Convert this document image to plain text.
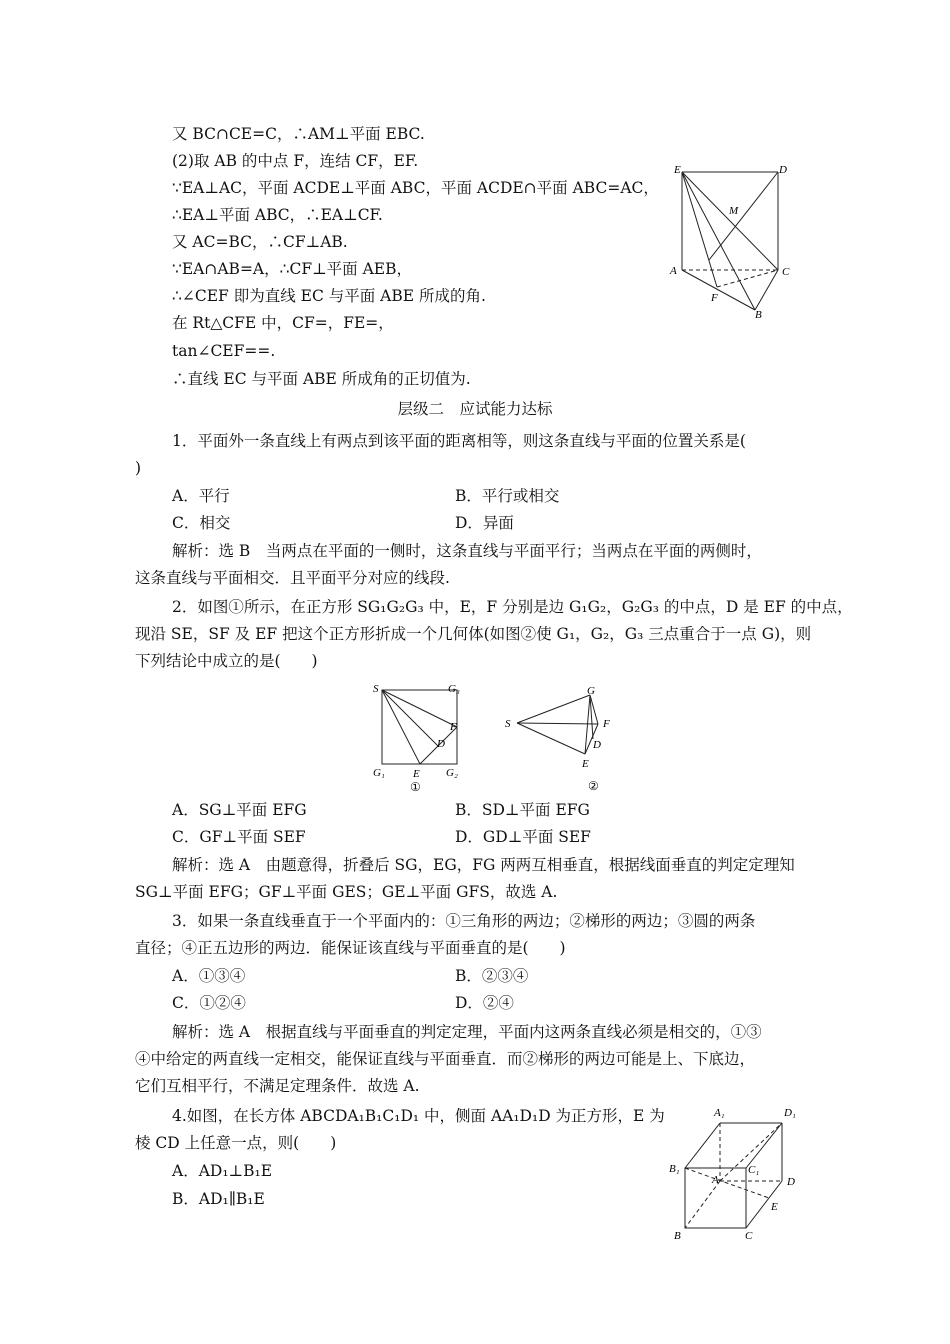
又 BC∩CE=C，∴AM⊥平面 EBC.
(2)取 AB 的中点 F，连结 CF，EF.
∵EA⊥AC，平面 ACDE⊥平面 ABC，平面 ACDE∩平面 ABC=AC，
∴EA⊥平面 ABC，∴EA⊥CF.
又 AC=BC，∴CF⊥AB.
∵EA∩AB=A，∴CF⊥平面 AEB，
∴∠CEF 即为直线 EC 与平面 ABE 所成的角.
在 Rt△CFE 中，CF=，FE=，
tan∠CEF==.
∴直线 EC 与平面 ABE 所成角的正切值为.
E	D
M
A	C
F
B
层级二　应试能力达标
1．平面外一条直线上有两点到该平面的距离相等，则这条直线与平面的位置关系是(
)
A．平行	B．平行或相交
C．相交	D．异面
解析：选 B　当两点在平面的一侧时，这条直线与平面平行；当两点在平面的两侧时，
这条直线与平面相交．且平面平分对应的线段.
2．如图①所示，在正方形 SG₁G₂G₃ 中，E，F 分别是边 G₁G₂，G₂G₃ 的中点，D 是 EF 的中点，
现沿 SE，SF 及 EF 把这个正方形折成一个几何体(如图②使 G₁，G₂，G₃ 三点重合于一点 G)，则
下列结论中成立的是(　　)
S	G₃
F
D
G₁	E G₂
①
G
S	F
D
E
②
A．SG⊥平面 EFG	B．SD⊥平面 EFG
C．GF⊥平面 SEF	D．GD⊥平面 SEF
解析：选 A　由题意得，折叠后 SG，EG，FG 两两互相垂直，根据线面垂直的判定定理知
SG⊥平面 EFG；GF⊥平面 GES；GE⊥平面 GFS，故选 A.
3．如果一条直线垂直于一个平面内的：①三角形的两边；②梯形的两边；③圆的两条
直径；④正五边形的两边．能保证该直线与平面垂直的是(　　)
A．①③④	B．②③④
C．①②④	D．②④
解析：选 A　根据直线与平面垂直的判定定理，平面内这两条直线必须是相交的，①③
④中给定的两直线一定相交，能保证直线与平面垂直．而②梯形的两边可能是上、下底边，
它们互相平行，不满足定理条件．故选 A.
4.如图，在长方体 ABCDA₁B₁C₁D₁ 中，侧面 AA₁D₁D 为正方形，E 为
棱 CD 上任意一点，则(　　)
A．AD₁⊥B₁E
B．AD₁∥B₁E
A₁	D₁
B₁	C₁
A	D
E
B	C
